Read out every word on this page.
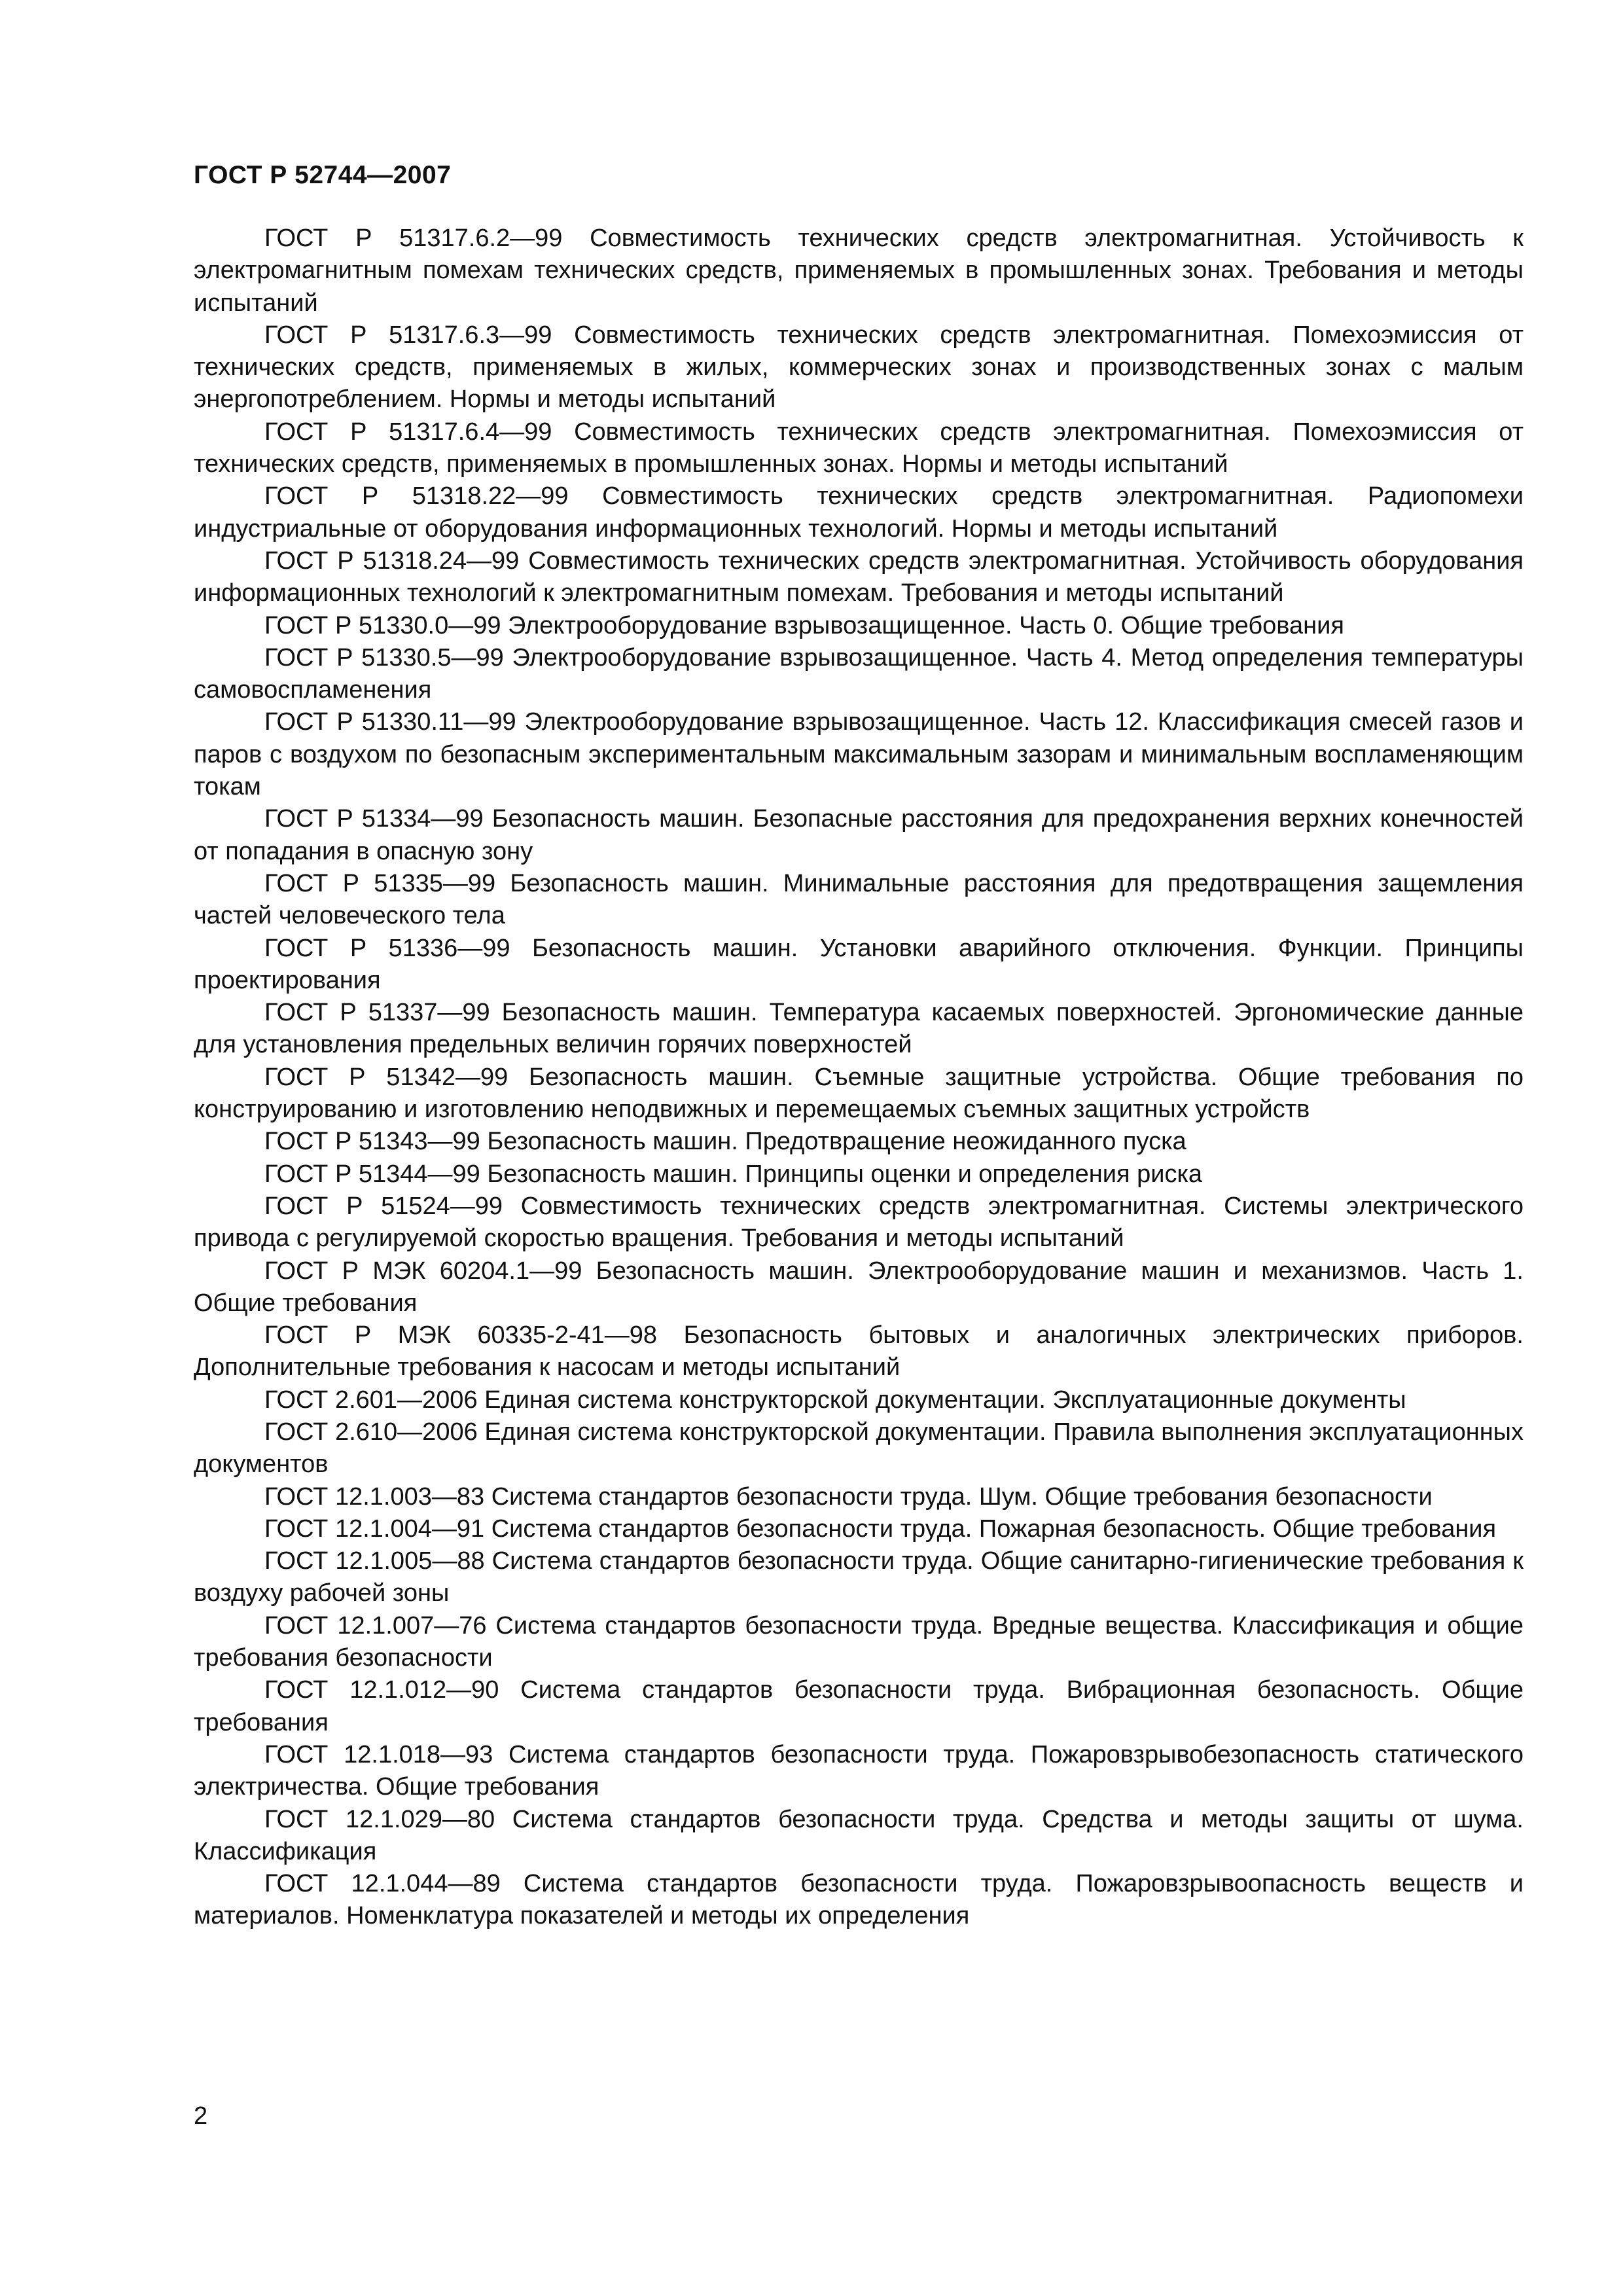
ГОСТ Р 52744—2007

ГОСТ Р 51317.6.2—99 Совместимость технических средств электромагнитная. Устойчивость к электромагнитным помехам технических средств, применяемых в промышленных зонах. Требования и методы испытаний

ГОСТ Р 51317.6.3—99 Совместимость технических средств электромагнитная. Помехоэмиссия от технических средств, применяемых в жилых, коммерческих зонах и производственных зонах с малым энергопотреблением. Нормы и методы испытаний

ГОСТ Р 51317.6.4—99 Совместимость технических средств электромагнитная. Помехоэмиссия от технических средств, применяемых в промышленных зонах. Нормы и методы испытаний

ГОСТ Р 51318.22—99 Совместимость технических средств электромагнитная. Радиопомехи индустриальные от оборудования информационных технологий. Нормы и методы испытаний

ГОСТ Р 51318.24—99 Совместимость технических средств электромагнитная. Устойчивость оборудования информационных технологий к электромагнитным помехам. Требования и методы испытаний

ГОСТ Р 51330.0—99 Электрооборудование взрывозащищенное. Часть 0. Общие требования

ГОСТ Р 51330.5—99 Электрооборудование взрывозащищенное. Часть 4. Метод определения температуры самовоспламенения

ГОСТ Р 51330.11—99 Электрооборудование взрывозащищенное. Часть 12. Классификация смесей газов и паров с воздухом по безопасным экспериментальным максимальным зазорам и минимальным воспламеняющим токам

ГОСТ Р 51334—99 Безопасность машин. Безопасные расстояния для предохранения верхних конечностей от попадания в опасную зону

ГОСТ Р 51335—99 Безопасность машин. Минимальные расстояния для предотвращения защемления частей человеческого тела

ГОСТ Р 51336—99 Безопасность машин. Установки аварийного отключения. Функции. Принципы проектирования

ГОСТ Р 51337—99 Безопасность машин. Температура касаемых поверхностей. Эргономические данные для установления предельных величин горячих поверхностей

ГОСТ Р 51342—99 Безопасность машин. Съемные защитные устройства. Общие требования по конструированию и изготовлению неподвижных и перемещаемых съемных защитных устройств

ГОСТ Р 51343—99 Безопасность машин. Предотвращение неожиданного пуска

ГОСТ Р 51344—99 Безопасность машин. Принципы оценки и определения риска

ГОСТ Р 51524—99 Совместимость технических средств электромагнитная. Системы электрического привода с регулируемой скоростью вращения. Требования и методы испытаний

ГОСТ Р МЭК 60204.1—99 Безопасность машин. Электрооборудование машин и механизмов. Часть 1. Общие требования

ГОСТ Р МЭК 60335-2-41—98 Безопасность бытовых и аналогичных электрических приборов. Дополнительные требования к насосам и методы испытаний

ГОСТ 2.601—2006 Единая система конструкторской документации. Эксплуатационные документы

ГОСТ 2.610—2006 Единая система конструкторской документации. Правила выполнения эксплуатационных документов

ГОСТ 12.1.003—83 Система стандартов безопасности труда. Шум. Общие требования безопасности

ГОСТ 12.1.004—91 Система стандартов безопасности труда. Пожарная безопасность. Общие требования

ГОСТ 12.1.005—88 Система стандартов безопасности труда. Общие санитарно-гигиенические требования к воздуху рабочей зоны

ГОСТ 12.1.007—76 Система стандартов безопасности труда. Вредные вещества. Классификация и общие требования безопасности

ГОСТ 12.1.012—90 Система стандартов безопасности труда. Вибрационная безопасность. Общие требования

ГОСТ 12.1.018—93 Система стандартов безопасности труда. Пожаровзрывобезопасность статического электричества. Общие требования

ГОСТ 12.1.029—80 Система стандартов безопасности труда. Средства и методы защиты от шума. Классификация

ГОСТ 12.1.044—89 Система стандартов безопасности труда. Пожаровзрывоопасность веществ и материалов. Номенклатура показателей и методы их определения

2
